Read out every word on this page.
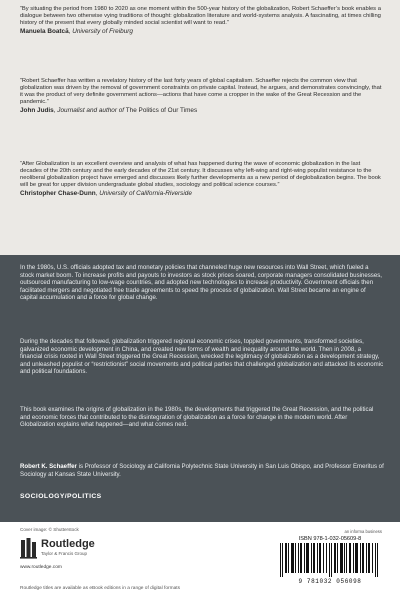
“By situating the period from 1980 to 2020 as one moment within the 500-year history of the globalization, Robert Schaeffer’s book enables a dialogue between two otherwise vying traditions of thought: globalization literature and world-systems analysis. A fascinating, at times chilling history of the present that every globally minded social scientist will want to read.”

Manuela Boatcă, University of Freiburg

“Robert Schaeffer has written a revelatory history of the last forty years of global capitalism. Schaeffer rejects the common view that globalization was driven by the removal of government constraints on private capital. Instead, he argues, and demonstrates convincingly, that it was the product of very definite government actions—actions that have come a cropper in the wake of the Great Recession and the pandemic.”

John Judis, Journalist and author of The Politics of Our Times

“After Globalization is an excellent overview and analysis of what has happened during the wave of economic globalization in the last decades of the 20th century and the early decades of the 21st century. It discusses why left-wing and right-wing populist resistance to the neoliberal globalization project have emerged and discusses likely further developments as a new period of deglobalization begins. The book will be great for upper division undergraduate global studies, sociology and political science courses.”

Christopher Chase-Dunn, University of California-Riverside

In the 1980s, U.S. officials adopted tax and monetary policies that channeled huge new resources into Wall Street, which fueled a stock market boom. To increase profits and payouts to investors as stock prices soared, corporate managers consolidated businesses, outsourced manufacturing to low-wage countries, and adopted new technologies to increase productivity. Government officials then facilitated mergers and negotiated free trade agreements to speed the process of globalization. Wall Street became an engine of capital accumulation and a force for global change.

During the decades that followed, globalization triggered regional economic crises, toppled governments, transformed societies, galvanized economic development in China, and created new forms of wealth and inequality around the world. Then in 2008, a financial crisis rooted in Wall Street triggered the Great Recession, wrecked the legitimacy of globalization as a development strategy, and unleashed populist or “restrictionist” social movements and political parties that challenged globalization and attacked its economic and political foundations.

This book examines the origins of globalization in the 1980s, the developments that triggered the Great Recession, and the political and economic forces that contributed to the disintegration of globalization as a force for change in the modern world. After Globalization explains what happened—and what comes next.

Robert K. Schaeffer is Professor of Sociology at California Polytechnic State University in San Luis Obispo, and Professor Emeritus of Sociology at Kansas State University.

SOCIOLOGY/POLITICS
Cover image: © Shutterstock
Routledge
Taylor & Francis Group
www.routledge.com
an informa business
ISBN 978-1-032-05609-8
9 781032 056098
Routledge titles are available as eBook editions in a range of digital formats
